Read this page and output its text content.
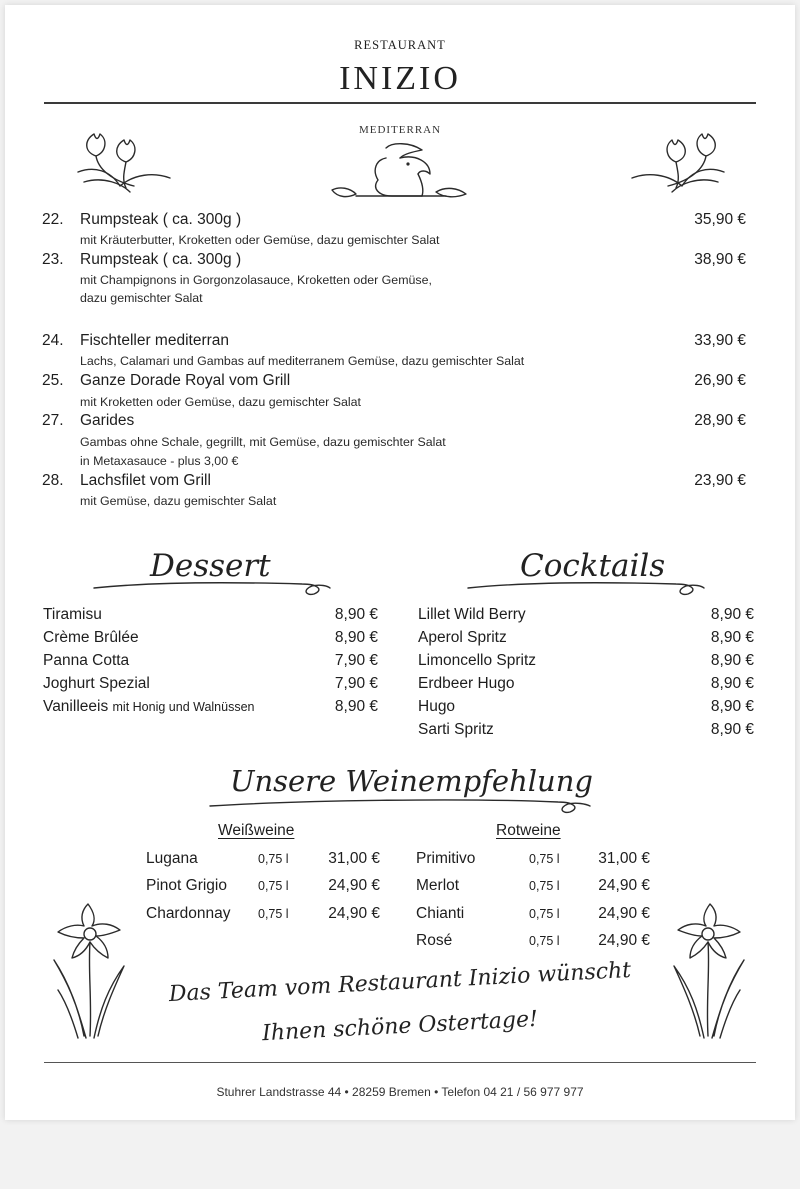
RESTAURANT
INIZIO
MEDITERRAN
22.	Rumpsteak ( ca. 300g )	35,90 €
mit Kräuterbutter, Kroketten oder Gemüse, dazu gemischter Salat
23.	Rumpsteak ( ca. 300g )	38,90 €
mit Champignons in Gorgonzolasauce, Kroketten oder Gemüse,
dazu gemischter Salat
24.	Fischteller mediterran	33,90 €
Lachs, Calamari und Gambas auf mediterranem Gemüse, dazu gemischter Salat
25.	Ganze Dorade Royal vom Grill	26,90 €
mit Kroketten oder Gemüse, dazu gemischter Salat
27.	Garides	28,90 €
Gambas ohne Schale, gegrillt, mit Gemüse, dazu gemischter Salat
in Metaxasauce - plus 3,00 €
28.	Lachsfilet vom Grill	23,90 €
mit Gemüse, dazu gemischter Salat
Dessert	Cocktails
Tiramisu	8,90 €
Crème Brûlée	8,90 €
Panna Cotta	7,90 €
Joghurt Spezial	7,90 €
Vanilleeis mit Honig und Walnüssen	8,90 €
Lillet Wild Berry	8,90 €
Aperol Spritz	8,90 €
Limoncello Spritz	8,90 €
Erdbeer Hugo	8,90 €
Hugo	8,90 €
Sarti Spritz	8,90 €
Unsere Weinempfehlung
Weißweine	Rotweine
Lugana	0,75 l	31,00 €
Pinot Grigio 0,75 l	24,90 €
Chardonnay 0,75 l	24,90 €
Primitivo	0,75 l	31,00 €
Merlot	0,75 l	24,90 €
Chianti	0,75 l	24,90 €
Rosé	0,75 l	24,90 €
Das Team vom Restaurant Inizio wünscht
Ihnen schöne Ostertage!
Stuhrer Landstrasse 44 • 28259 Bremen • Telefon 04 21 / 56 977 977
